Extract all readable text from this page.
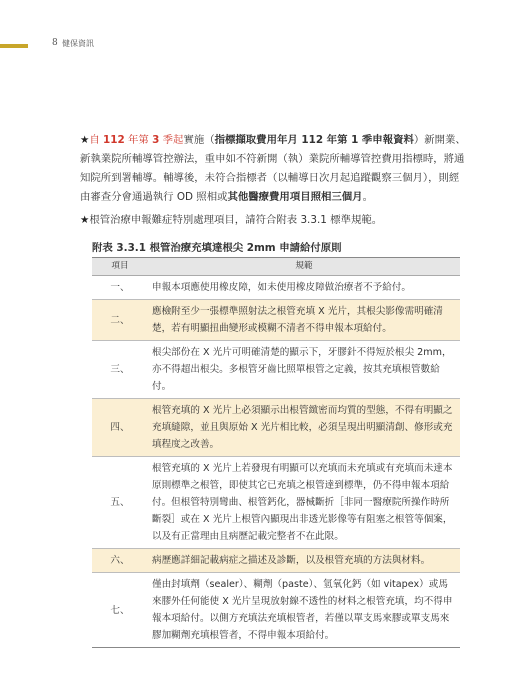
8 健保資訊
★自 112 年第 3 季起實施（指標擷取費用年月 112 年第 1 季申報資料）新開業、新執業院所輔導管控辦法，重申如不符新開（執）業院所輔導管控費用指標時，將通知院所到署輔導。輔導後，未符合指標者（以輔導日次月起追蹤觀察三個月），則經由審查分會通過執行 OD 照相或其他醫療費用項目照相三個月。
★根管治療申報難症特別處理項目，請符合附表 3.3.1 標準規範。
附表 3.3.1 根管治療充填達根尖 2mm 申請給付原則
項目	規範
一、	申報本項應使用橡皮障，如未使用橡皮障做治療者不予給付。
二、	應檢附至少一張標準照射法之根管充填 X 光片，其根尖影像需明確清楚，若有明顯扭曲變形或模糊不清者不得申報本項給付。
三、	根尖部份在 X 光片可明確清楚的顯示下，牙膠針不得短於根尖 2mm，亦不得超出根尖。多根管牙齒比照單根管之定義，按其充填根管數給付。
四、	根管充填的 X 光片上必須顯示出根管緻密而均質的型態，不得有明顯之充填縫隙，並且與原始 X 光片相比較，必須呈現出明顯清創、修形或充填程度之改善。
五、	根管充填的 X 光片上若發現有明顯可以充填而未充填或有充填而未達本原則標準之根管，即使其它已充填之根管達到標準，仍不得申報本項給付。但根管特別彎曲、根管鈣化，器械斷折［非同一醫療院所操作時所斷裂］或在 X 光片上根管內顯現出非透光影像等有阻塞之根管等個案，以及有正當理由且病歷記載完整者不在此限。
六、	病歷應詳細記載病症之描述及診斷，以及根管充填的方法與材料。
七、	僅由封填劑（sealer）、糊劑（paste）、氫氧化鈣（如 vitapex）或馬來膠外任何能使 X 光片呈現放射線不透性的材料之根管充填，均不得申報本項給付。以側方充填法充填根管者，若僅以單支馬來膠或單支馬來膠加糊劑充填根管者，不得申報本項給付。
